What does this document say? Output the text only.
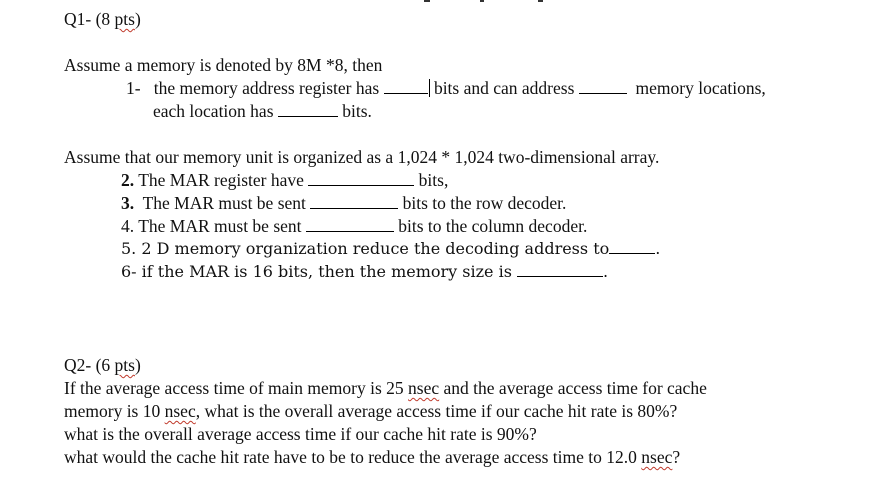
Q1- (8 pts)
Assume a memory is denoted by 8M *8, then
1- the memory address register has	bits and can address	memory locations,
each location has	bits.
Assume that our memory unit is organized as a 1,024 * 1,024 two-dimensional array.
2. The MAR register have	bits,
3. The MAR must be sent	bits to the row decoder.
4. The MAR must be sent	bits to the column decoder.
5. 2 D memory organization reduce the decoding address to	.
6- if the MAR is 16 bits, then the memory size is	.
Q2- (6 pts)
If the average access time of main memory is 25 nsec and the average access time for cache
memory is 10 nsec, what is the overall average access time if our cache hit rate is 80%?
what is the overall average access time if our cache hit rate is 90%?
what would the cache hit rate have to be to reduce the average access time to 12.0 nsec?
